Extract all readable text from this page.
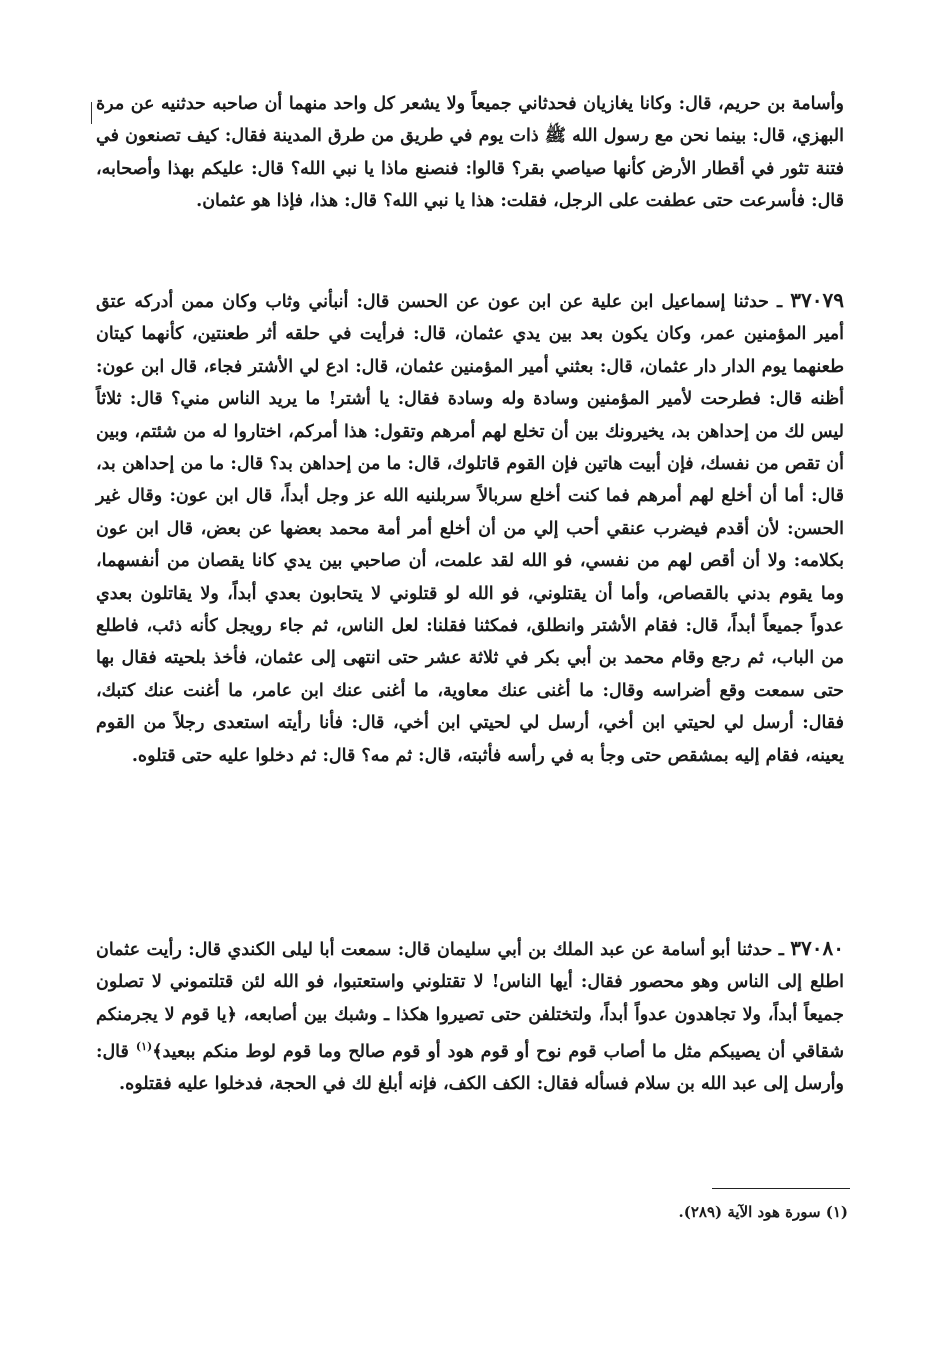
وأسامة بن حريم، قال: وكانا يغازيان فحدثاني جميعاً ولا يشعر كل واحد منهما أن صاحبه حدثنيه عن مرة البهزي، قال: بينما نحن مع رسول الله ﷺ ذات يوم في طريق من طرق المدينة فقال: كيف تصنعون في فتنة تثور في أقطار الأرض كأنها صياصي بقر؟ قالوا: فنصنع ماذا يا نبي الله؟ قال: عليكم بهذا وأصحابه، قال: فأسرعت حتى عطفت على الرجل، فقلت: هذا يا نبي الله؟ قال: هذا، فإذا هو عثمان.
٣٧٠٧٩ ـ حدثنا إسماعيل ابن علية عن ابن عون عن الحسن قال: أنبأني وثاب وكان ممن أدركه عتق أمير المؤمنين عمر، وكان يكون بعد بين يدي عثمان، قال: فرأيت في حلقه أثر طعنتين، كأنهما كيتان طعنهما يوم الدار دار عثمان، قال: بعثني أمير المؤمنين عثمان، قال: ادع لي الأشتر فجاء، قال ابن عون: أظنه قال: فطرحت لأمير المؤمنين وسادة وله وسادة فقال: يا أشتر! ما يريد الناس مني؟ قال: ثلاثاً ليس لك من إحداهن بد، يخيرونك بين أن تخلع لهم أمرهم وتقول: هذا أمركم، اختاروا له من شئتم، وبين أن تقص من نفسك، فإن أبيت هاتين فإن القوم قاتلوك، قال: ما من إحداهن بد؟ قال: ما من إحداهن بد، قال: أما أن أخلع لهم أمرهم فما كنت أخلع سربالاً سربلنيه الله عز وجل أبداً، قال ابن عون: وقال غير الحسن: لأن أقدم فيضرب عنقي أحب إلي من أن أخلع أمر أمة محمد بعضها عن بعض، قال ابن عون بكلامه: ولا أن أقص لهم من نفسي، فو الله لقد علمت، أن صاحبي بين يدي كانا يقصان من أنفسهما، وما يقوم بدني بالقصاص، وأما أن يقتلوني، فو الله لو قتلوني لا يتحابون بعدي أبداً، ولا يقاتلون بعدي عدواً جميعاً أبداً، قال: فقام الأشتر وانطلق، فمكثنا فقلنا: لعل الناس، ثم جاء رويجل كأنه ذئب، فاطلع من الباب، ثم رجع وقام محمد بن أبي بكر في ثلاثة عشر حتى انتهى إلى عثمان، فأخذ بلحيته فقال بها حتى سمعت وقع أضراسه وقال: ما أغنى عنك معاوية، ما أغنى عنك ابن عامر، ما أغنت عنك كتبك، فقال: أرسل لي لحيتي ابن أخي، أرسل لي لحيتي ابن أخي، قال: فأنا رأيته استعدى رجلاً من القوم يعينه، فقام إليه بمشقص حتى وجأ به في رأسه فأثبته، قال: ثم مه؟ قال: ثم دخلوا عليه حتى قتلوه.
٣٧٠٨٠ ـ حدثنا أبو أسامة عن عبد الملك بن أبي سليمان قال: سمعت أبا ليلى الكندي قال: رأيت عثمان اطلع إلى الناس وهو محصور فقال: أيها الناس! لا تقتلوني واستعتبوا، فو الله لئن قتلتموني لا تصلون جميعاً أبداً، ولا تجاهدون عدواً أبداً، ولتختلفن حتى تصيروا هكذا ـ وشبك بين أصابعه، ﴿يا قوم لا يجرمنكم شقاقي أن يصيبكم مثل ما أصاب قوم نوح أو قوم هود أو قوم صالح وما قوم لوط منكم ببعيد﴾$^{(١)}$ قال: وأرسل إلى عبد الله بن سلام فسأله فقال: الكف الكف، فإنه أبلغ لك في الحجة، فدخلوا عليه فقتلوه.
(١) سورة هود الآية (٢٨٩).
